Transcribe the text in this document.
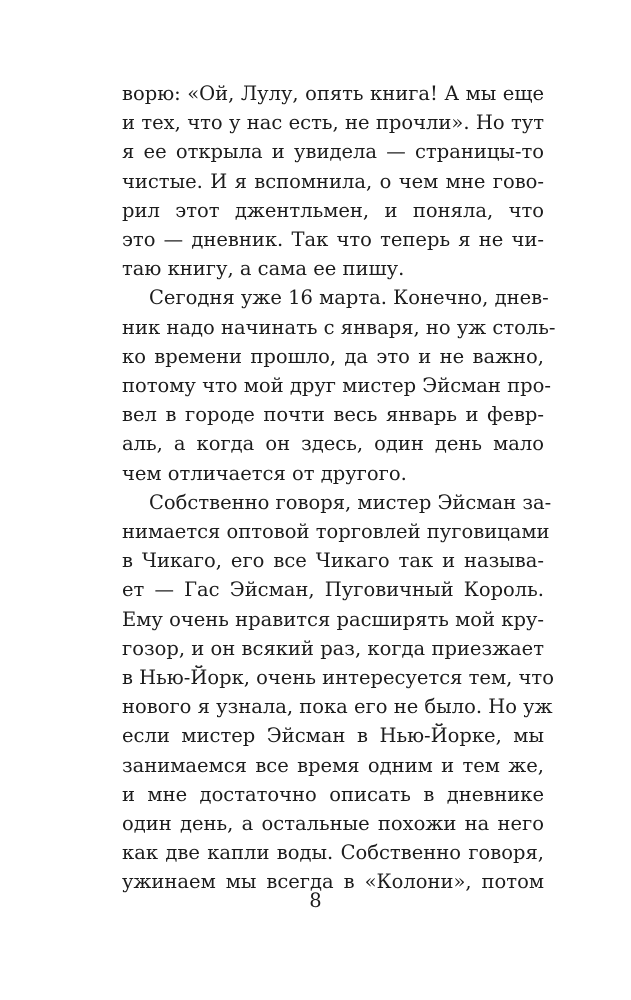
ворю: «Ой, Лулу, опять книга! А мы еще
и тех, что у нас есть, не прочли». Но тут
я ее открыла и увидела — страницы-то
чистые. И я вспомнила, о чем мне гово-
рил этот джентльмен, и поняла, что
это — дневник. Так что теперь я не чи-
таю книгу, а сама ее пишу.
Сегодня уже 16 марта. Конечно, днев-
ник надо начинать с января, но уж столь-
ко времени прошло, да это и не важно,
потому что мой друг мистер Эйсман про-
вел в городе почти весь январь и февр-
аль, а когда он здесь, один день мало
чем отличается от другого.
Собственно говоря, мистер Эйсман за-
нимается оптовой торговлей пуговицами
в Чикаго, его все Чикаго так и называ-
ет — Гас Эйсман, Пуговичный Король.
Ему очень нравится расширять мой кру-
гозор, и он всякий раз, когда приезжает
в Нью-Йорк, очень интересуется тем, что
нового я узнала, пока его не было. Но уж
если мистер Эйсман в Нью-Йорке, мы
занимаемся все время одним и тем же,
и мне достаточно описать в дневнике
один день, а остальные похожи на него
как две капли воды. Собственно говоря,
ужинаем мы всегда в «Колони», потом
8
